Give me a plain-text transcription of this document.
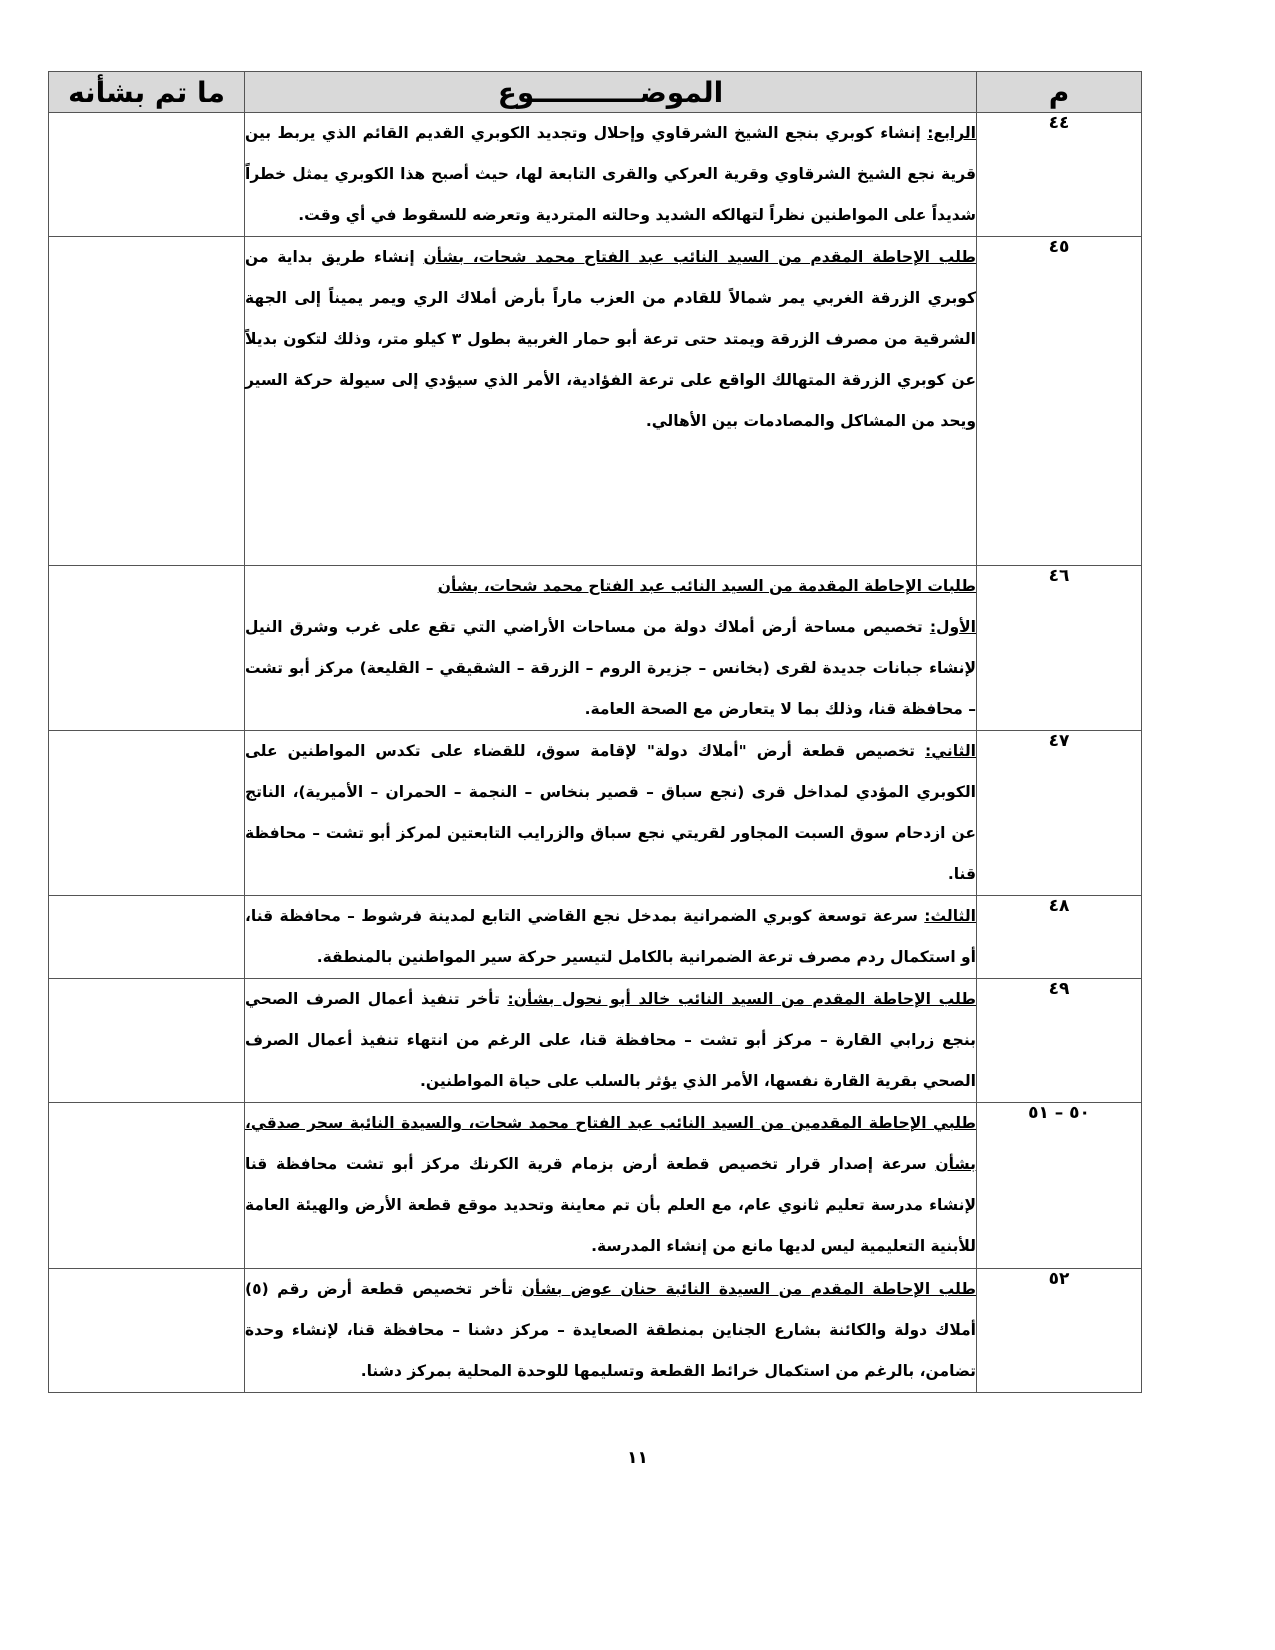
م	الموضـــــــــــوع	ما تم بشأنه
٤٤	الرابع: إنشاء كوبري بنجع الشيخ الشرقاوي وإحلال وتجديد الكوبري القديم القائم الذي يربط بين قرية نجع الشيخ الشرقاوي وقرية العركي والقرى التابعة لها، حيث أصبح هذا الكوبري يمثل خطراً شديداً على المواطنين نظراً لتهالكه الشديد وحالته المتردية وتعرضه للسقوط في أي وقت.	

٤٥	طلب الإحاطة المقدم من السيد النائب عبد الفتاح محمد شحات، بشأن إنشاء طريق بداية من كوبري الزرقة الغربي يمر شمالاً للقادم من العزب ماراً بأرض أملاك الري ويمر يميناً إلى الجهة الشرقية من مصرف الزرقة ويمتد حتى ترعة أبو حمار الغربية بطول ٣ كيلو متر، وذلك لتكون بديلاً عن كوبري الزرقة المتهالك الواقع على ترعة الفؤادية، الأمر الذي سيؤدي إلى سيولة حركة السير ويحد من المشاكل والمصادمات بين الأهالي.	

٤٦	طلبات الإحاطة المقدمة من السيد النائب عبد الفتاح محمد شحات، بشأن

الأول: تخصيص مساحة أرض أملاك دولة من مساحات الأراضي التي تقع على غرب وشرق النيل لإنشاء جبانات جديدة لقرى (بخانس – جزيرة الروم – الزرقة – الشقيقي – القليعة) مركز أبو تشت – محافظة قنا، وذلك بما لا يتعارض مع الصحة العامة.	

٤٧	الثاني: تخصيص قطعة أرض "أملاك دولة" لإقامة سوق، للقضاء على تكدس المواطنين على الكوبري المؤدي لمداخل قرى (نجع سباق – قصير بنخاس – النجمة – الحمران – الأميرية)، الناتج عن ازدحام سوق السبت المجاور لقريتي نجع سباق والزرايب التابعتين لمركز أبو تشت – محافظة قنا.	

٤٨	الثالث: سرعة توسعة كوبري الضمرانية بمدخل نجع القاضي التابع لمدينة فرشوط – محافظة قنا، أو استكمال ردم مصرف ترعة الضمرانية بالكامل لتيسير حركة سير المواطنين بالمنطقة.	

٤٩	طلب الإحاطة المقدم من السيد النائب خالد أبو نحول بشأن: تأخر تنفيذ أعمال الصرف الصحي بنجع زرابي القارة – مركز أبو تشت – محافظة قنا، على الرغم من انتهاء تنفيذ أعمال الصرف الصحي بقرية القارة نفسها، الأمر الذي يؤثر بالسلب على حياة المواطنين.	

٥٠ – ٥١	طلبي الإحاطة المقدمين من السيد النائب عبد الفتاح محمد شحات، والسيدة النائبة سحر صدقي، بشأن سرعة إصدار قرار تخصيص قطعة أرض بزمام قرية الكرنك مركز أبو تشت محافظة قنا لإنشاء مدرسة تعليم ثانوي عام، مع العلم بأن تم معاينة وتحديد موقع قطعة الأرض والهيئة العامة للأبنية التعليمية ليس لديها مانع من إنشاء المدرسة.	

٥٢	طلب الإحاطة المقدم من السيدة النائبة حنان عوض بشأن تأخر تخصيص قطعة أرض رقم (٥) أملاك دولة والكائنة بشارع الجناين بمنطقة الصعايدة – مركز دشنا – محافظة قنا، لإنشاء وحدة تضامن، بالرغم من استكمال خرائط القطعة وتسليمها للوحدة المحلية بمركز دشنا.	

١١
